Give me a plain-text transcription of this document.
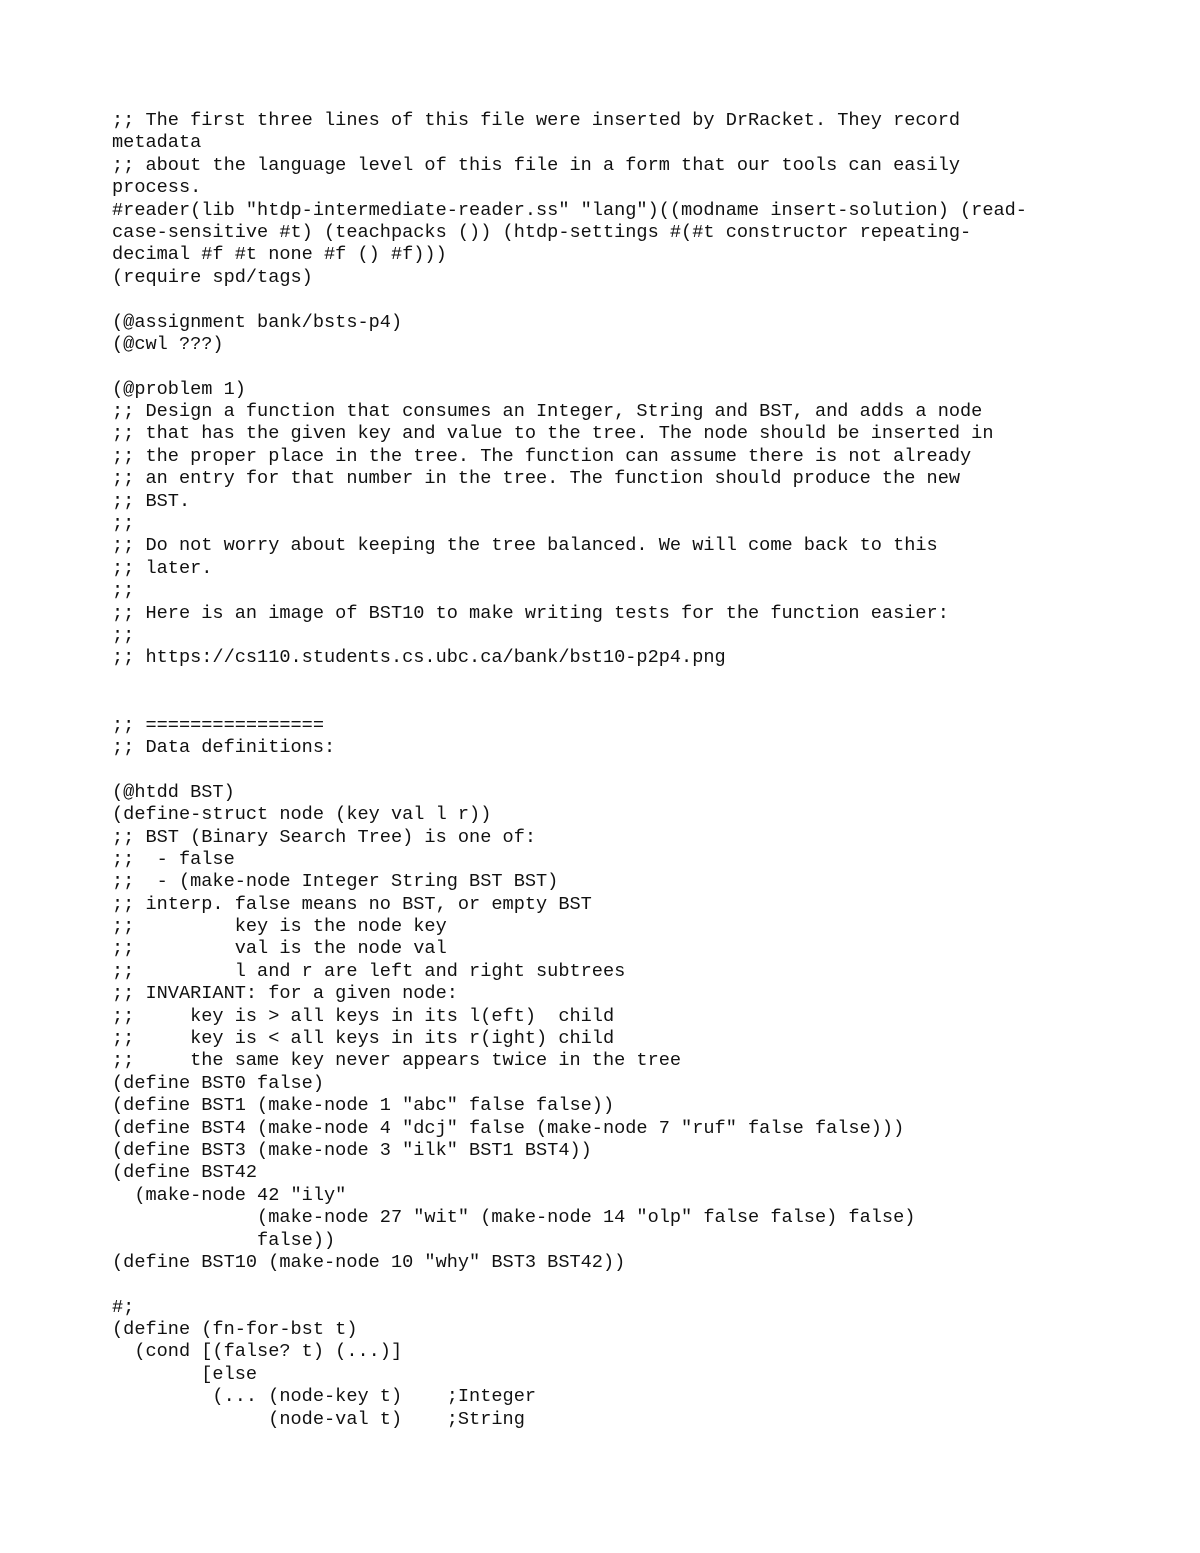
;; The first three lines of this file were inserted by DrRacket. They record
metadata
;; about the language level of this file in a form that our tools can easily
process.
#reader(lib "htdp-intermediate-reader.ss" "lang")((modname insert-solution) (read-
case-sensitive #t) (teachpacks ()) (htdp-settings #(#t constructor repeating-
decimal #f #t none #f () #f)))
(require spd/tags)
(@assignment bank/bsts-p4)
(@cwl ???)
(@problem 1)
;; Design a function that consumes an Integer, String and BST, and adds a node
;; that has the given key and value to the tree. The node should be inserted in
;; the proper place in the tree. The function can assume there is not already
;; an entry for that number in the tree. The function should produce the new
;; BST.
;;
;; Do not worry about keeping the tree balanced. We will come back to this
;; later.
;;
;; Here is an image of BST10 to make writing tests for the function easier:
;;
;; https://cs110.students.cs.ubc.ca/bank/bst10-p2p4.png
;; ================
;; Data definitions:
(@htdd BST)
(define-struct node (key val l r))
;; BST (Binary Search Tree) is one of:
;;  - false
;;  - (make-node Integer String BST BST)
;; interp. false means no BST, or empty BST
;;         key is the node key
;;         val is the node val
;;         l and r are left and right subtrees
;; INVARIANT: for a given node:
;;     key is > all keys in its l(eft)  child
;;     key is < all keys in its r(ight) child
;;     the same key never appears twice in the tree
(define BST0 false)
(define BST1 (make-node 1 "abc" false false))
(define BST4 (make-node 4 "dcj" false (make-node 7 "ruf" false false)))
(define BST3 (make-node 3 "ilk" BST1 BST4))
(define BST42
(make-node 42 "ily"
(make-node 27 "wit" (make-node 14 "olp" false false) false)
false))
(define BST10 (make-node 10 "why" BST3 BST42))
#;
(define (fn-for-bst t)
(cond [(false? t) (...)]
[else
(... (node-key t)    ;Integer
(node-val t)    ;String
